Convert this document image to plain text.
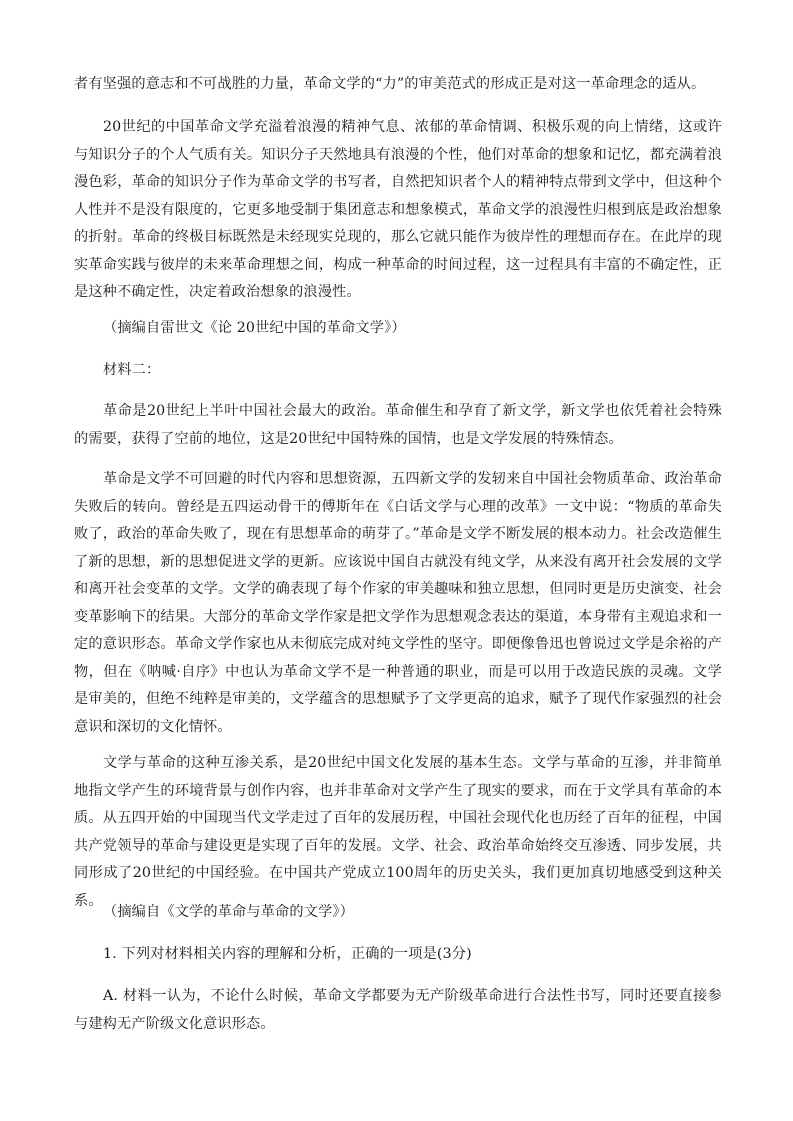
者有坚强的意志和不可战胜的力量，革命文学的“力”的审美范式的形成正是对这一革命理念的适从。

20世纪的中国革命文学充溢着浪漫的精神气息、浓郁的革命情调、积极乐观的向上情绪，这或许与知识分子的个人气质有关。知识分子天然地具有浪漫的个性，他们对革命的想象和记忆，都充满着浪漫色彩，革命的知识分子作为革命文学的书写者，自然把知识者个人的精神特点带到文学中，但这种个人性并不是没有限度的，它更多地受制于集团意志和想象模式，革命文学的浪漫性归根到底是政治想象的折射。革命的终极目标既然是未经现实兑现的，那么它就只能作为彼岸性的理想而存在。在此岸的现实革命实践与彼岸的未来革命理想之间，构成一种革命的时间过程，这一过程具有丰富的不确定性，正是这种不确定性，决定着政治想象的浪漫性。

（摘编自雷世文《论 20世纪中国的革命文学》）

材料二：

革命是20世纪上半叶中国社会最大的政治。革命催生和孕育了新文学，新文学也依凭着社会特殊的需要，获得了空前的地位，这是20世纪中国特殊的国情，也是文学发展的特殊情态。

革命是文学不可回避的时代内容和思想资源，五四新文学的发轫来自中国社会物质革命、政治革命失败后的转向。曾经是五四运动骨干的傅斯年在《白话文学与心理的改革》一文中说：“物质的革命失败了，政治的革命失败了，现在有思想革命的萌芽了。”革命是文学不断发展的根本动力。社会改造催生了新的思想，新的思想促进文学的更新。应该说中国自古就没有纯文学，从来没有离开社会发展的文学和离开社会变革的文学。文学的确表现了每个作家的审美趣味和独立思想，但同时更是历史演变、社会变革影响下的结果。大部分的革命文学作家是把文学作为思想观念表达的渠道，本身带有主观追求和一定的意识形态。革命文学作家也从未彻底完成对纯文学性的坚守。即便像鲁迅也曾说过文学是余裕的产物，但在《呐喊·自序》中也认为革命文学不是一种普通的职业，而是可以用于改造民族的灵魂。文学是审美的，但绝不纯粹是审美的，文学蕴含的思想赋予了文学更高的追求，赋予了现代作家强烈的社会意识和深切的文化情怀。

文学与革命的这种互渗关系，是20世纪中国文化发展的基本生态。文学与革命的互渗，并非简单地指文学产生的环境背景与创作内容，也并非革命对文学产生了现实的要求，而在于文学具有革命的本质。从五四开始的中国现当代文学走过了百年的发展历程，中国社会现代化也历经了百年的征程，中国共产党领导的革命与建设更是实现了百年的发展。文学、社会、政治革命始终交互渗透、同步发展，共同形成了20世纪的中国经验。在中国共产党成立100周年的历史关头，我们更加真切地感受到这种关系。

（摘编自《文学的革命与革命的文学》）

1. 下列对材料相关内容的理解和分析，正确的一项是(3分)

A. 材料一认为，不论什么时候，革命文学都要为无产阶级革命进行合法性书写，同时还要直接参与建构无产阶级文化意识形态。
